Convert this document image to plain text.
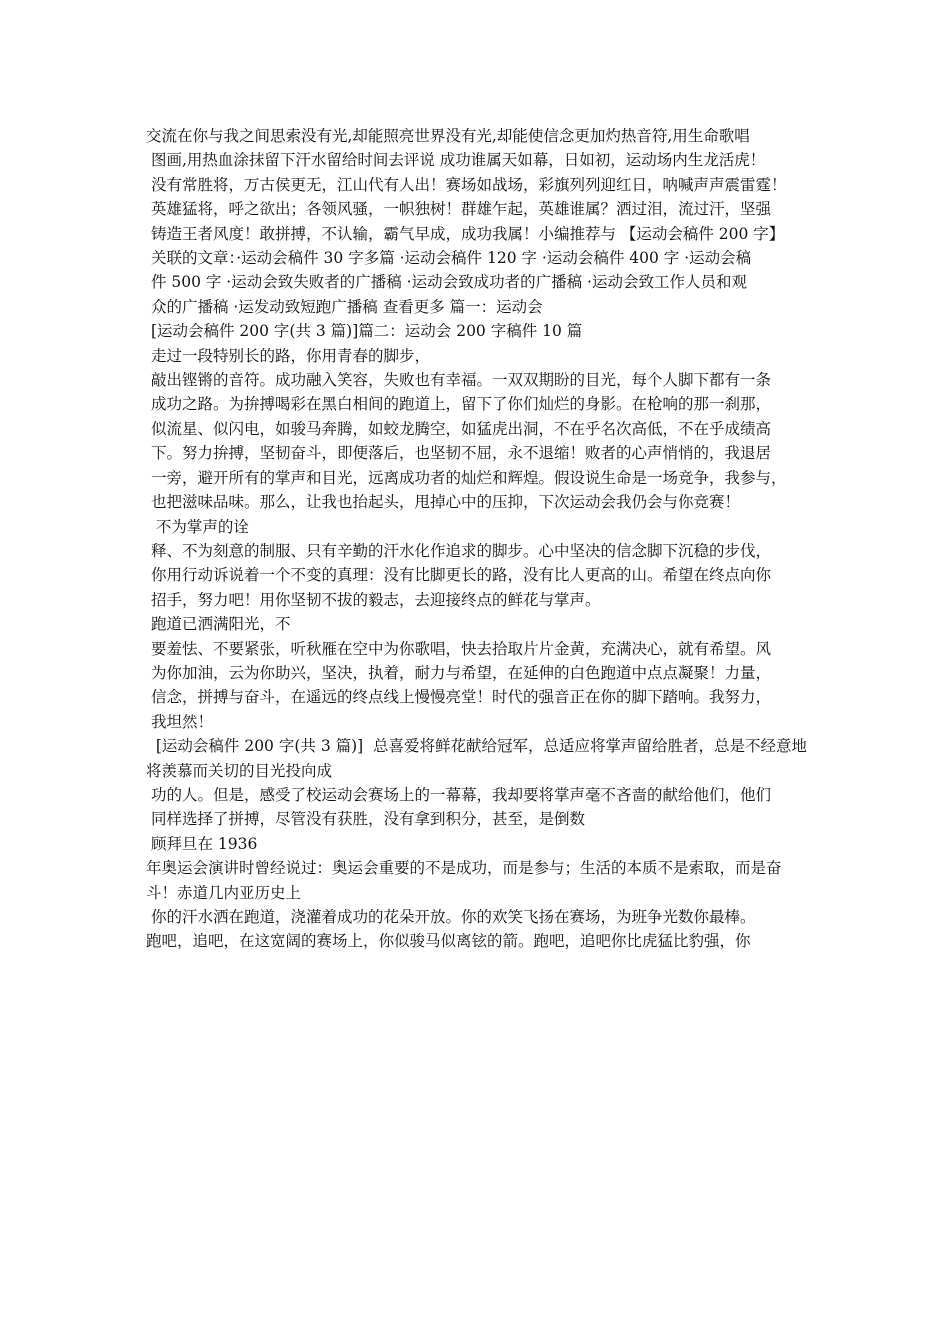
交流在你与我之间思索没有光,却能照亮世界没有光,却能使信念更加灼热音符,用生命歌唱
图画,用热血涂抹留下汗水留给时间去评说 成功谁属天如幕，日如初，运动场内生龙活虎！
没有常胜将，万古侯更无，江山代有人出！赛场如战场，彩旗列列迎红日，呐喊声声震雷霆！
英雄猛将，呼之欲出；各领风骚，一帜独树！群雄乍起，英雄谁属？洒过泪，流过汗，坚强
铸造王者风度！敢拼搏，不认输，霸气早成，成功我属！小编推荐与 【运动会稿件 200 字】
关联的文章：·运动会稿件 30 字多篇 ·运动会稿件 120 字 ·运动会稿件 400 字 ·运动会稿
件 500 字 ·运动会致失败者的广播稿 ·运动会致成功者的广播稿 ·运动会致工作人员和观
众的广播稿 ·运发动致短跑广播稿 查看更多 篇一：运动会
[运动会稿件 200 字(共 3 篇)]篇二：运动会 200 字稿件 10 篇
走过一段特别长的路，你用青春的脚步，
敲出铿锵的音符。成功融入笑容，失败也有幸福。一双双期盼的目光，每个人脚下都有一条
成功之路。为拚搏喝彩在黑白相间的跑道上，留下了你们灿烂的身影。在枪响的那一刹那，
似流星、似闪电，如骏马奔腾，如蛟龙腾空，如猛虎出洞，不在乎名次高低，不在乎成绩高
下。努力拚搏，坚韧奋斗，即便落后，也坚韧不屈，永不退缩！败者的心声悄悄的，我退居
一旁，避开所有的掌声和目光，远离成功者的灿烂和辉煌。假设说生命是一场竞争，我参与，
也把滋味品味。那么，让我也抬起头，甩掉心中的压抑，下次运动会我仍会与你竞赛！
不为掌声的诠
释、不为刻意的制服、只有辛勤的汗水化作追求的脚步。心中坚决的信念脚下沉稳的步伐，
你用行动诉说着一个不变的真理：没有比脚更长的路，没有比人更高的山。希望在终点向你
招手，努力吧！用你坚韧不拔的毅志，去迎接终点的鲜花与掌声。
跑道已洒满阳光，不
要羞怯、不要紧张，听秋雁在空中为你歌唱，快去拾取片片金黄，充满决心，就有希望。风
为你加油，云为你助兴，坚决，执着，耐力与希望，在延伸的白色跑道中点点凝聚！力量，
信念，拼搏与奋斗，在遥远的终点线上慢慢亮堂！时代的强音正在你的脚下踏响。我努力，
我坦然！
[运动会稿件 200 字(共 3 篇)]  总喜爱将鲜花献给冠军，总适应将掌声留给胜者，总是不经意地将羡慕而关切的目光投向成
功的人。但是，感受了校运动会赛场上的一幕幕，我却要将掌声毫不吝啬的献给他们，他们
同样选择了拼搏，尽管没有获胜，没有拿到积分，甚至，是倒数
顾拜旦在 1936
年奥运会演讲时曾经说过：奥运会重要的不是成功，而是参与；生活的本质不是索取，而是奋斗！赤道几内亚历史上
你的汗水洒在跑道，浇灌着成功的花朵开放。你的欢笑飞扬在赛场，为班争光数你最棒。
跑吧，追吧，在这宽阔的赛场上，你似骏马似离铉的箭。跑吧，追吧你比虎猛比豹强，你
